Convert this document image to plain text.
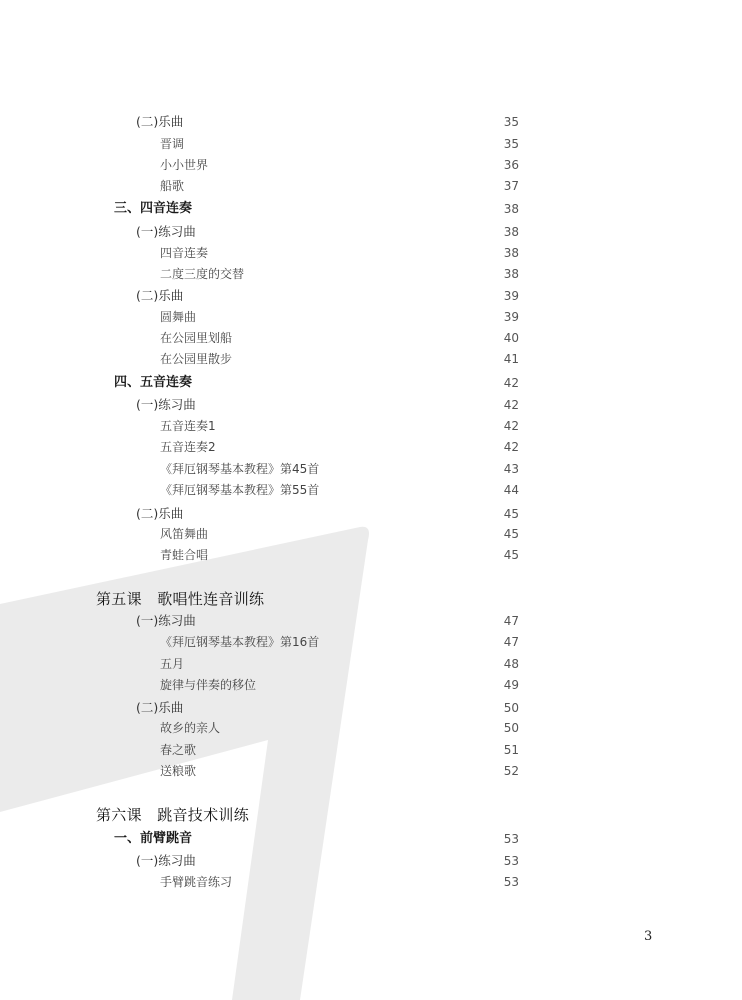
(二)乐曲	35
晋调	35
小小世界	36
船歌	37
三、四音连奏	38
(一)练习曲	38
四音连奏	38
二度三度的交替	38
(二)乐曲	39
圆舞曲	39
在公园里划船	40
在公园里散步	41
四、五音连奏	42
(一)练习曲	42
五音连奏1	42
五音连奏2	42
《拜厄钢琴基本教程》第45首	43
《拜厄钢琴基本教程》第55首	44
(二)乐曲	45
风笛舞曲	45
青蛙合唱	45
第五课　歌唱性连音训练
(一)练习曲	47
《拜厄钢琴基本教程》第16首	47
五月	48
旋律与伴奏的移位	49
(二)乐曲	50
故乡的亲人	50
春之歌	51
送粮歌	52
第六课　跳音技术训练
一、前臂跳音	53
(一)练习曲	53
手臂跳音练习	53
3
